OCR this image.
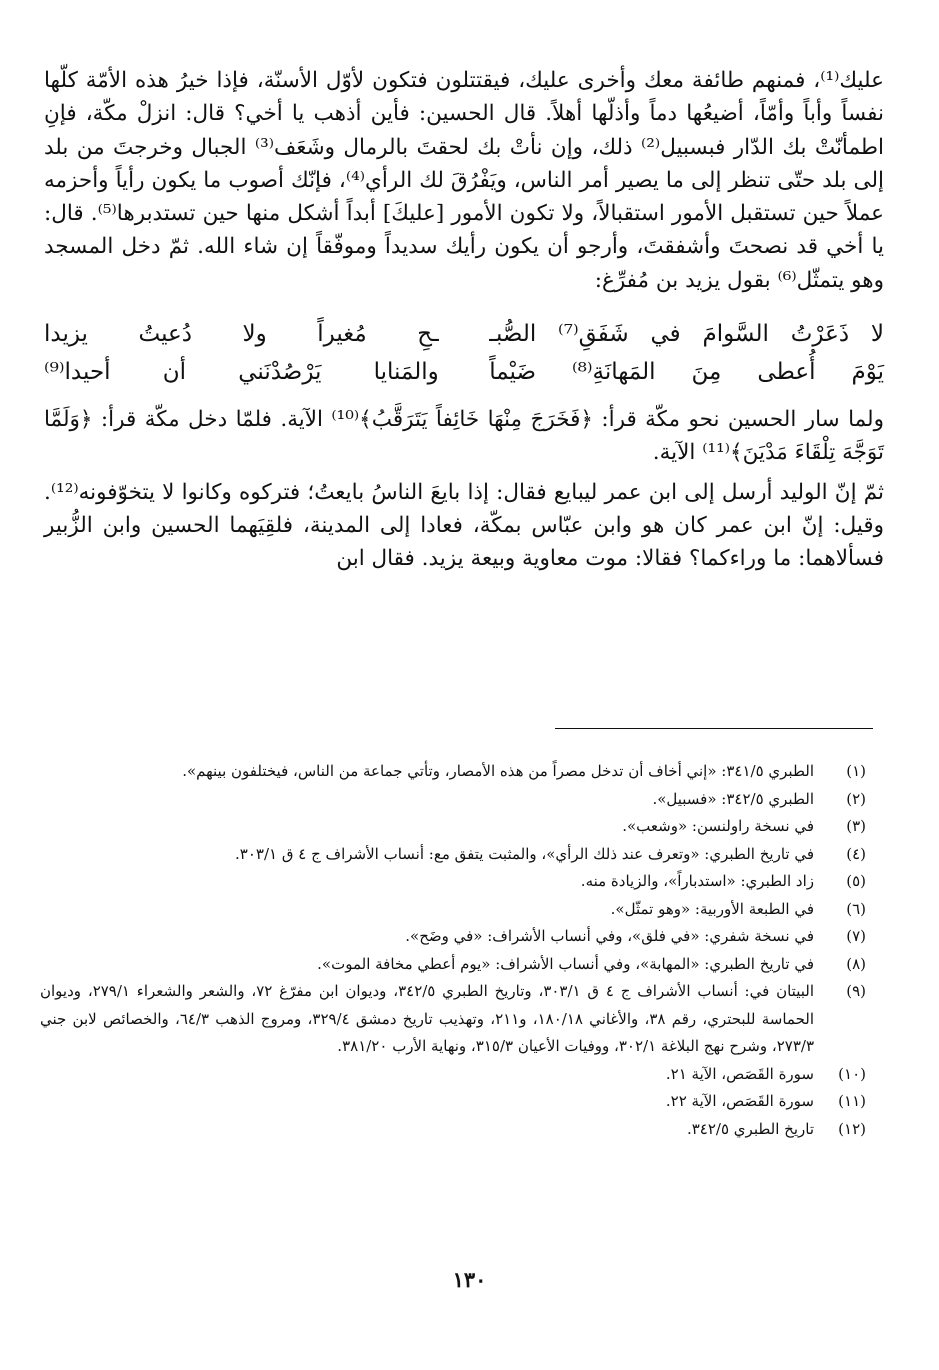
عليك⁽¹⁾، فمنهم طائفة معك وأخرى عليك، فيقتتلون فتكون لأوّل الأسنّة، فإذا خيرُ هذه الأمّة كلّها نفساً وأباً وأمّاً، أضيعُها دماً وأذلّها أهلاً. قال الحسين: فأين أذهب يا أخي؟ قال: انزلْ مكّة، فإنِ اطمأنّتْ بك الدّار فبسبيل⁽²⁾ ذلك، وإن نأتْ بك لحقتَ بالرمال وشَعَف⁽³⁾ الجبال وخرجتَ من بلد إلى بلد حتّى تنظر إلى ما يصير أمر الناس، ويَفْرُقَ لك الرأي⁽⁴⁾، فإنّك أصوب ما يكون رأياً وأحزمه عملاً حين تستقبل الأمور استقبالاً، ولا تكون الأمور [عليكَ] أبداً أشكل منها حين تستدبرها⁽⁵⁾. قال: يا أخي قد نصحتَ وأشفقتَ، وأرجو أن يكون رأيك سديداً وموفّقاً إن شاء الله. ثمّ دخل المسجد وهو يتمثّل⁽⁶⁾ بقول يزيد بن مُفرِّغ:

لا ذَعَرْتُ السَّوامَ في شَفَقِ⁽⁷⁾ الصُّبـ
ـحِ مُغيراً ولا دُعيتُ يزيدا
يَوْمَ أُعطى مِنَ المَهانَةِ⁽⁸⁾ ضَيْماً
والمَنايا يَرْصُدْنَني أن أحيدا⁽⁹⁾

ولما سار الحسين نحو مكّة قرأ: ﴿فَخَرَجَ مِنْهَا خَائِفاً يَتَرَقَّبُ﴾⁽¹⁰⁾ الآية. فلمّا دخل مكّة قرأ: ﴿وَلَمَّا تَوَجَّهَ تِلْقَاءَ مَدْيَنَ﴾⁽¹¹⁾ الآية.

ثمّ إنّ الوليد أرسل إلى ابن عمر ليبايع فقال: إذا بايعَ الناسُ بايعتُ؛ فتركوه وكانوا لا يتخوّفونه⁽¹²⁾. وقيل: إنّ ابن عمر كان هو وابن عبّاس بمكّة، فعادا إلى المدينة، فلقِيَهما الحسين وابن الزُّبير فسألاهما: ما وراءكما؟ فقالا: موت معاوية وبيعة يزيد. فقال ابن

(١)
الطبري ٣٤١/٥: «إني أخاف أن تدخل مصراً من هذه الأمصار، وتأتي جماعة من الناس، فيختلفون بينهم».
(٢)
الطبري ٣٤٢/٥: «فسبيل».
(٣)
في نسخة راولنسن: «وشعب».
(٤)
في تاريخ الطبري: «وتعرف عند ذلك الرأي»، والمثبت يتفق مع: أنساب الأشراف ج ٤ ق ٣٠٣/١.
(٥)
زاد الطبري: «استدباراً»، والزيادة منه.
(٦)
في الطبعة الأوربية: «وهو تمثّل».
(٧)
في نسخة شفري: «في فلق»، وفي أنساب الأشراف: «في وضَح».
(٨)
في تاريخ الطبري: «المهابة»، وفي أنساب الأشراف: «يوم أعطي مخافة الموت».
(٩)
البيتان في: أنساب الأشراف ج ٤ ق ٣٠٣/١، وتاريخ الطبري ٣٤٢/٥، وديوان ابن مفرّغ ٧٢، والشعر والشعراء ٢٧٩/١، وديوان الحماسة للبحتري، رقم ٣٨، والأغاني ١٨٠/١٨، و٢١١، وتهذيب تاريخ دمشق ٣٢٩/٤، ومروج الذهب ٦٤/٣، والخصائص لابن جني ٢٧٣/٣، وشرح نهج البلاغة ٣٠٢/١، ووفيات الأعيان ٣١٥/٣، ونهاية الأرب ٣٨١/٢٠.
(١٠)
سورة القَصَص، الآية ٢١.
(١١)
سورة القَصَص، الآية ٢٢.
(١٢)
تاريخ الطبري ٣٤٢/٥.
١٣٠
